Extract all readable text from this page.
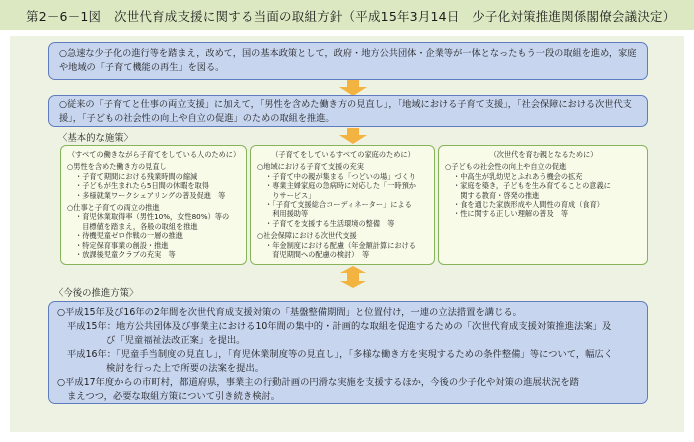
第2－6－1図　次世代育成支援に関する当面の取組方針（平成15年3月14日　少子化対策推進関係閣僚会議決定）

○急速な少子化の進行等を踏まえ，改めて，国の基本政策として，政府・地方公共団体・企業等が一体となったもう一段の取組を進め，家庭

や地域の「子育て機能の再生」を図る。

○従来の「子育てと仕事の両立支援」に加えて，「男性を含めた働き方の見直し」，「地域における子育て支援」，「社会保障における次世代支

援」，「子どもの社会性の向上や自立の促進」のための取組を推進。

〈基本的な施策〉
（すべての働きながら子育てをしている人のために）

○男性を含めた働き方の見直し

・子育て期間における残業時間の縮減

・子どもが生まれたら5日間の休暇を取得

・多様就業ワークシェアリングの普及促進　等

○仕事と子育ての両立の推進

・育児休業取得率（男性10%，女性80%）等の

　目標値を踏まえ，各般の取組を推進

・待機児童ゼロ作戦の一層の推進

・特定保育事業の創設・推進

・放課後児童クラブの充実　等

（子育てをしているすべての家庭のために）

○地域における子育て支援の充実

・子育て中の親が集まる「つどいの場」づくり

・専業主婦家庭の急病時に対応した「一時預か

　りサービス」

・「子育て支援総合コーディネーター」による

　利用援助等

・子育てを支援する生活環境の整備　等

○社会保障における次世代支援

・年金制度における配慮（年金額計算における

　育児期間への配慮の検討）　等

（次世代を育む親となるために）

○子どもの社会性の向上や自立の促進

・中高生が乳幼児とふれあう機会の拡充

・家庭を築き，子どもを生み育てることの意義に

　関する教育・啓発の推進

・食を通じた家族形成や人間性の育成（食育）

・性に関する正しい理解の普及　等

〈今後の推進方策〉

○平成15年及び16年の2年間を次世代育成支援対策の「基盤整備期間」と位置付け，一連の立法措置を講じる。

平成15年：地方公共団体及び事業主における10年間の集中的・計画的な取組を促進するための「次世代育成支援対策推進法案」及

び「児童福祉法改正案」を提出。

平成16年：「児童手当制度の見直し」，「育児休業制度等の見直し」，「多様な働き方を実現するための条件整備」等について，幅広く

検討を行った上で所要の法案を提出。

○平成17年度からの市町村，都道府県，事業主の行動計画の円滑な実施を支援するほか，今後の少子化や対策の進展状況を踏

まえつつ，必要な取組方策について引き続き検討。
